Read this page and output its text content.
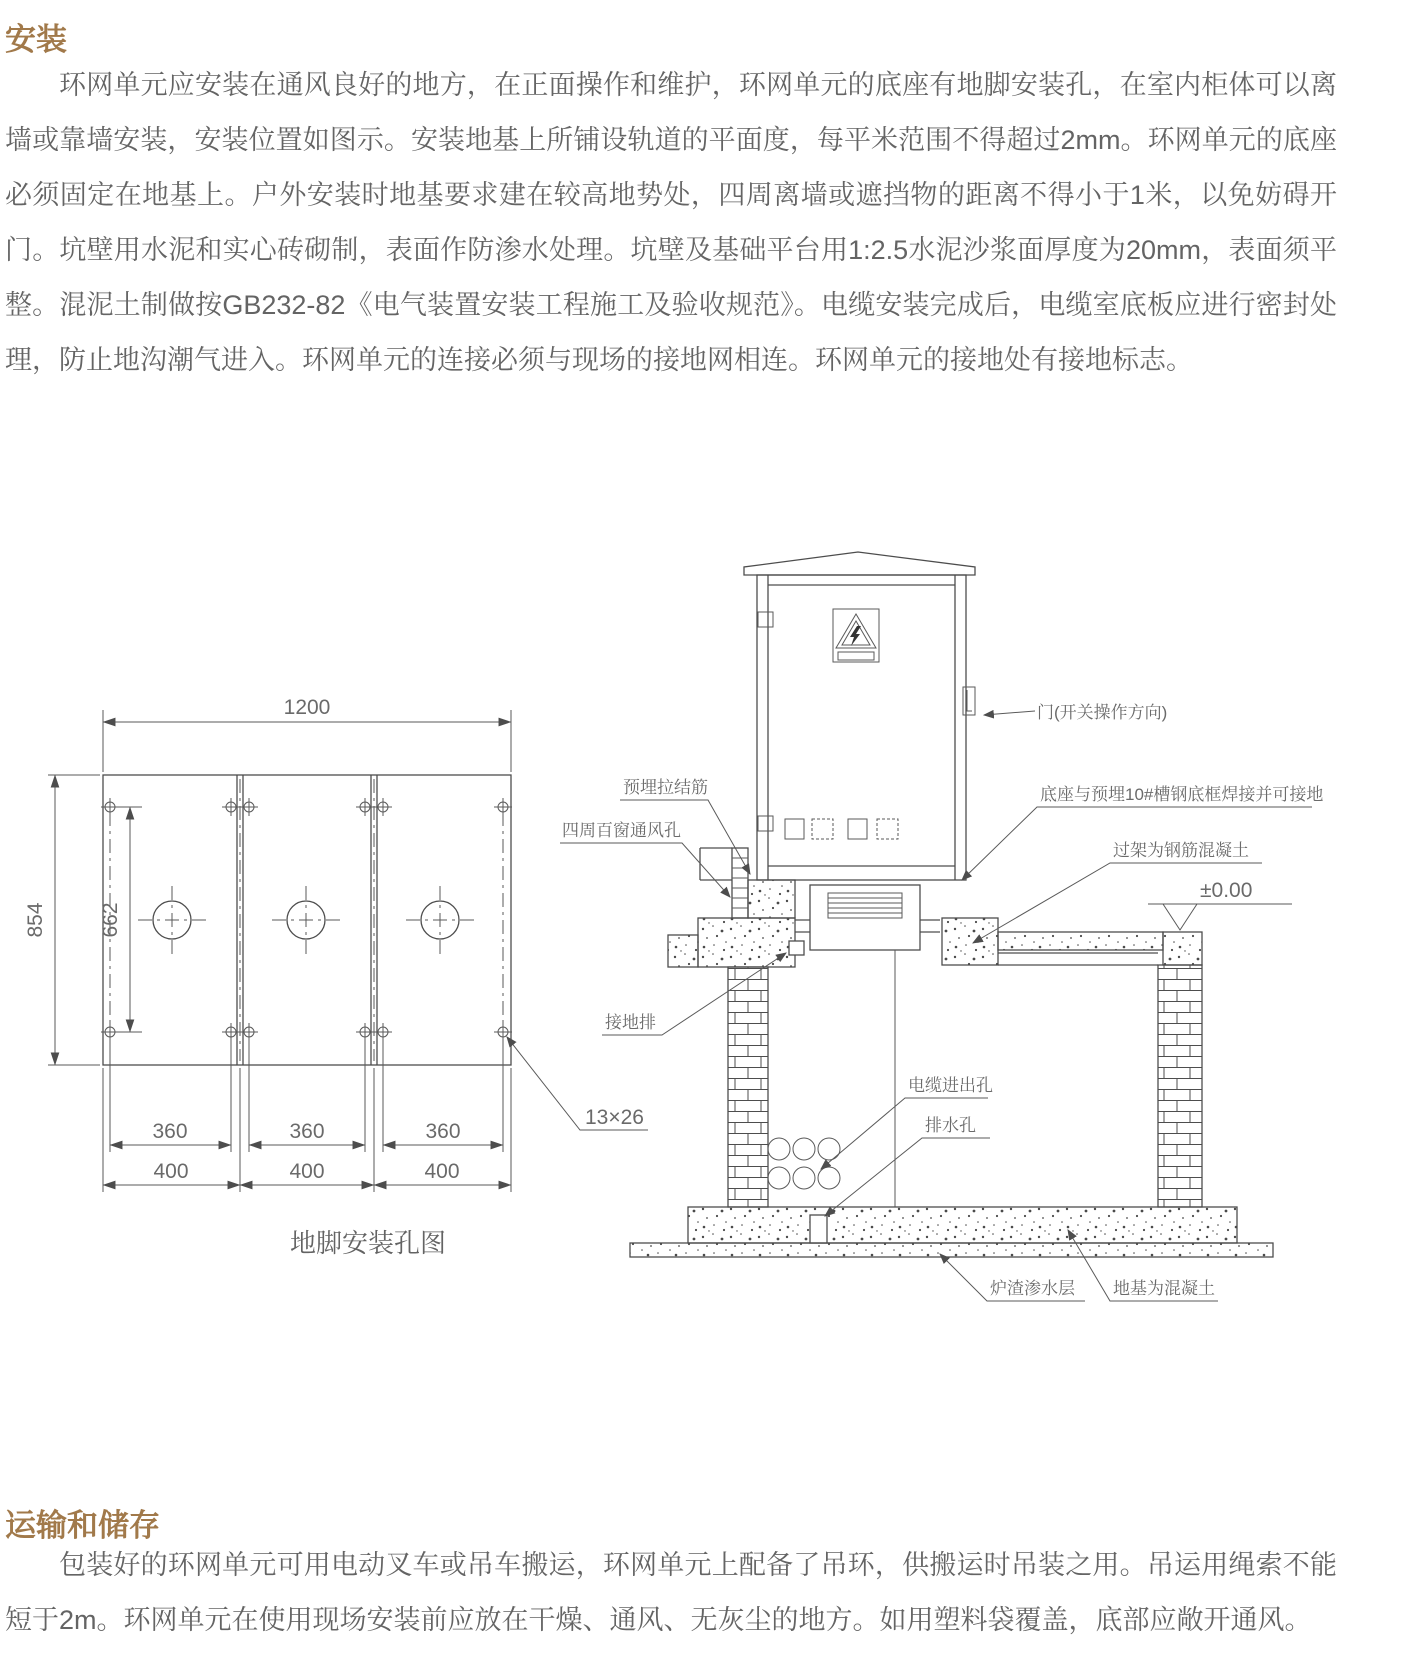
安装

环网单元应安装在通风良好的地方，在正面操作和维护，环网单元的底座有地脚安装孔，在室内柜体可以离墙或靠墙安装，安装位置如图示。安装地基上所铺设轨道的平面度，每平米范围不得超过2mm。环网单元的底座必须固定在地基上。户外安装时地基要求建在较高地势处，四周离墙或遮挡物的距离不得小于1米，以免妨碍开门。坑壁用水泥和实心砖砌制，表面作防渗水处理。坑壁及基础平台用1:2.5水泥沙浆面厚度为20mm，表面须平整。混泥土制做按GB232-82《电气装置安装工程施工及验收规范》。电缆安装完成后，电缆室底板应进行密封处理，防止地沟潮气进入。环网单元的连接必须与现场的接地网相连。环网单元的接地处有接地标志。

1200
854 662
360	360	360
400	400	400
13×26
地脚安装孔图
门(开关操作方向)
预埋拉结筋
四周百窗通风孔
底座与预埋10#槽钢底框焊接并可接地
过架为钢筋混凝土
±0.00
接地排
电缆进出孔
排水孔
炉渣渗水层 地基为混凝土
运输和储存

包装好的环网单元可用电动叉车或吊车搬运，环网单元上配备了吊环，供搬运时吊装之用。吊运用绳索不能短于2m。环网单元在使用现场安装前应放在干燥、通风、无灰尘的地方。如用塑料袋覆盖，底部应敞开通风。
